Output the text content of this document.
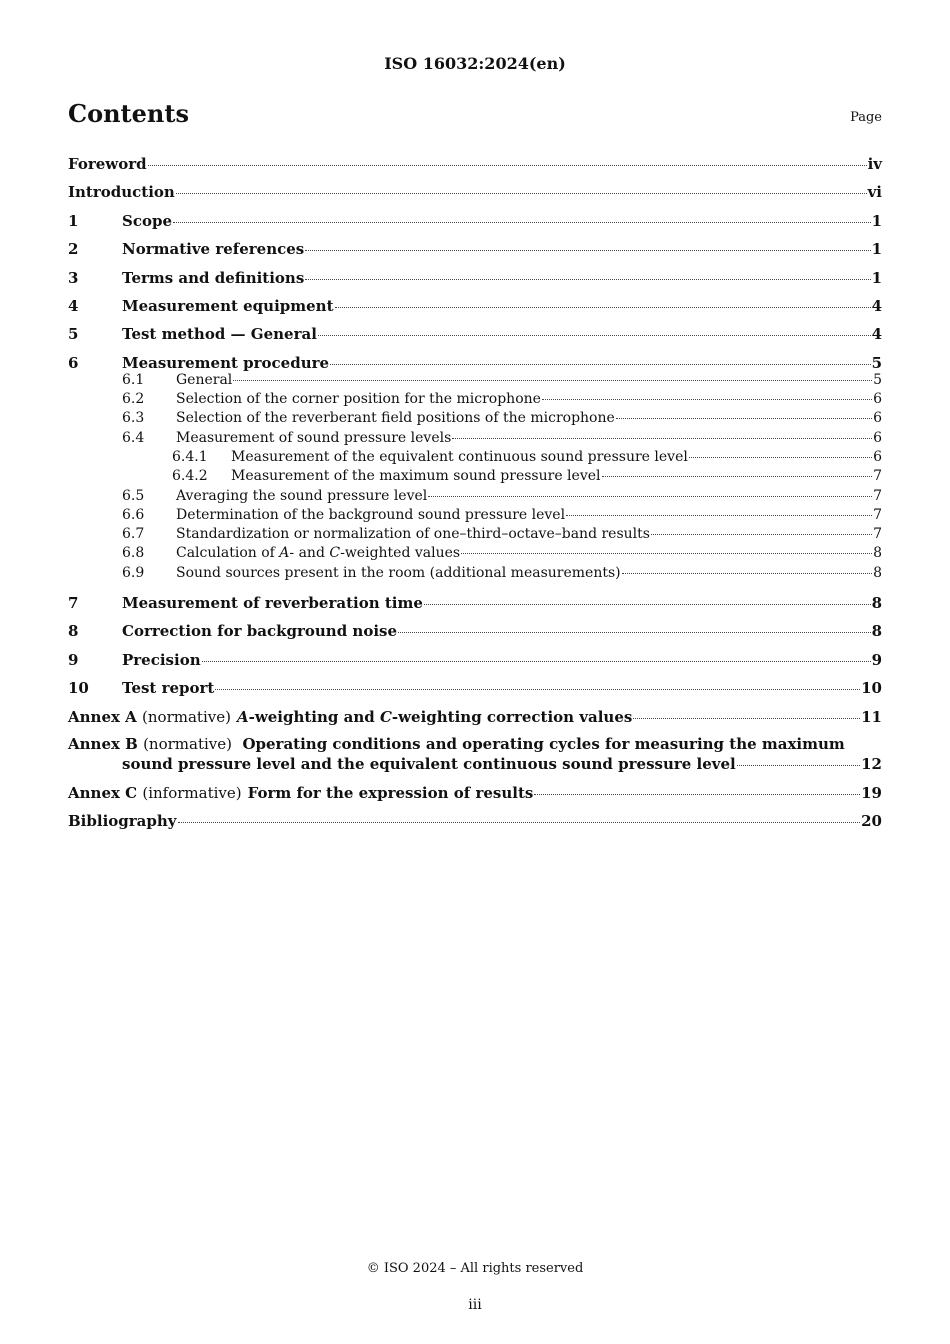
ISO 16032:2024(en)
Contents	Page
Foreword	iv
Introduction	vi
1	Scope	1
2	Normative references	1
3	Terms and definitions	1
4	Measurement equipment	4
5	Test method — General	4
6	Measurement procedure	5
6.1	General	5
6.2	Selection of the corner position for the microphone	6
6.3	Selection of the reverberant field positions of the microphone	6
6.4	Measurement of sound pressure levels	6
6.4.1	Measurement of the equivalent continuous sound pressure level	6
6.4.2	Measurement of the maximum sound pressure level	7
6.5	Averaging the sound pressure level	7
6.6	Determination of the background sound pressure level	7
6.7	Standardization or normalization of one–third–octave–band results	7
6.8	Calculation of A- and C-weighted values	8
6.9	Sound sources present in the room (additional measurements)	8
7	Measurement of reverberation time	8
8	Correction for background noise	8
9	Precision	9
10	Test report	10
Annex A (normative) A-weighting and C-weighting correction values	11
Annex B (normative) Operating conditions and operating cycles for measuring the maximum
sound pressure level and the equivalent continuous sound pressure level	12
Annex C (informative) Form for the expression of results	19
Bibliography	20
© ISO 2024 – All rights reserved
iii
